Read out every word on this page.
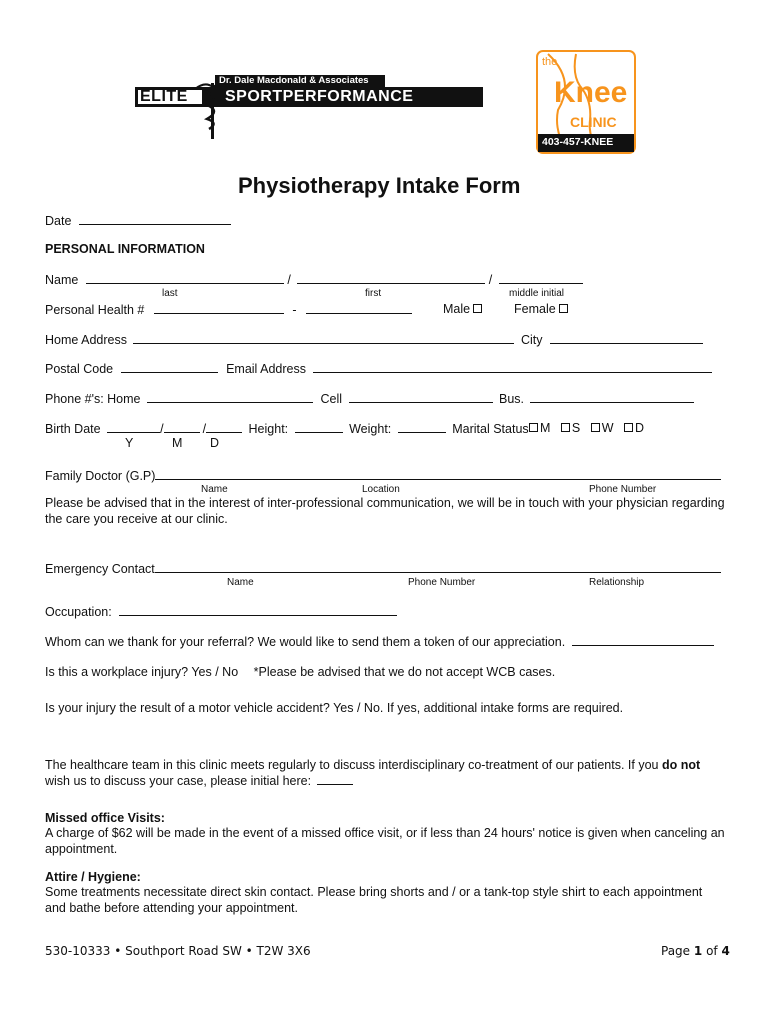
Dr. Dale Macdonald & Associates
ELITE SPORTPERFORMANCE
the
Knee
CLINIC
403-457-KNEE
Physiotherapy Intake Form
Date
PERSONAL INFORMATION
Name	/	/
last	first	middle initial
Personal Health #	-	Male	Female
Home Address	City
Postal Code	Email Address
Phone #'s: Home	Cell	Bus.
Birth Date	/	/	Height:	Weight:	Marital Status M S W D
Y	M D
Family Doctor (G.P)
Name	Location	Phone Number
Please be advised that in the interest of inter-professional communication, we will be in touch with your physician regarding the care you receive at our clinic.
Emergency Contact
Name	Phone Number	Relationship
Occupation:
Whom can we thank for your referral? We would like to send them a token of our appreciation.
Is this a workplace injury? Yes / No *Please be advised that we do not accept WCB cases.
Is your injury the result of a motor vehicle accident? Yes / No. If yes, additional intake forms are required.
The healthcare team in this clinic meets regularly to discuss interdisciplinary co-treatment of our patients. If you do not wish us to discuss your case, please initial here:
Missed office Visits:
A charge of $62 will be made in the event of a missed office visit, or if less than 24 hours' notice is given when canceling an appointment.
Attire / Hygiene:
Some treatments necessitate direct skin contact. Please bring shorts and / or a tank-top style shirt to each appointment and bathe before attending your appointment.
530-10333 • Southport Road SW • T2W 3X6	Page 1 of 4
